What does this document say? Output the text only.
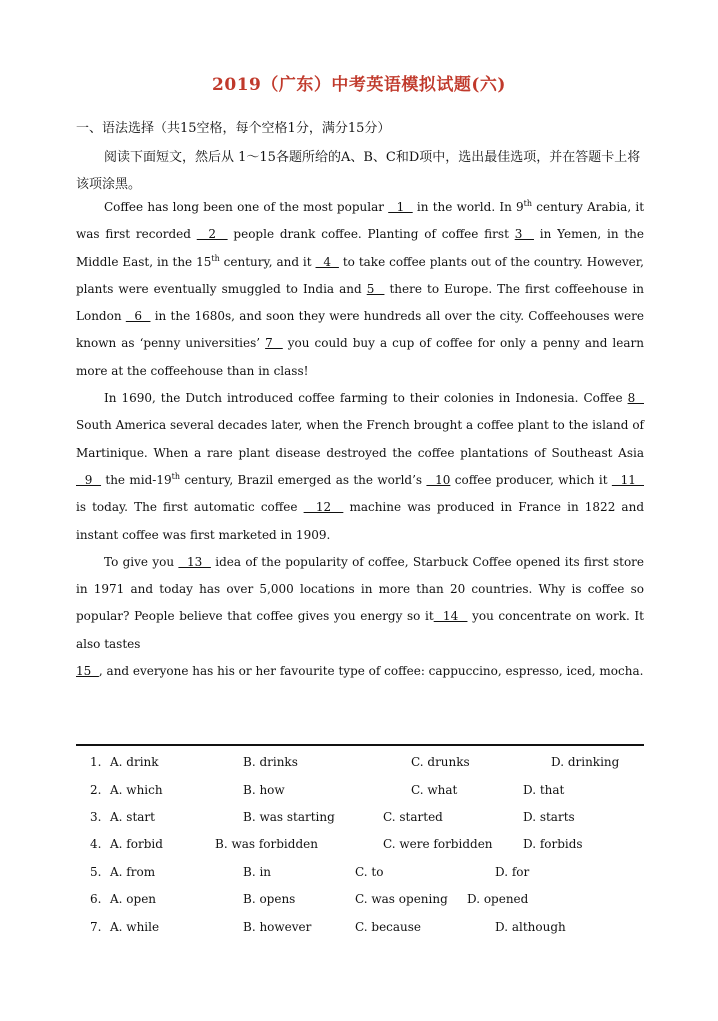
2019（广东）中考英语模拟试题(六)
一、语法选择（共15空格，每个空格1分，满分15分）
阅读下面短文，然后从 1～15各题所给的A、B、C和D项中，选出最佳选项，并在答题卡上将该项涂黑。

Coffee has long been one of the most popular   1   in the world. In 9th century Arabia, it was first recorded   2   people drank coffee. Planting of coffee first 3   in Yemen, in the Middle East, in the 15th century, and it   4   to take coffee plants out of the country. However, plants were eventually smuggled to India and 5   there to Europe. The first coffeehouse in London   6   in the 1680s, and soon they were hundreds all over the city. Coffeehouses were known as ‘penny universities’ 7   you could buy a cup of coffee for only a penny and learn more at the coffeehouse than in class!

In 1690, the Dutch introduced coffee farming to their colonies in Indonesia. Coffee 8   South America several decades later, when the French brought a coffee plant to the island of Martinique. When a rare plant disease destroyed the coffee plantations of Southeast Asia   9   the mid-19th century, Brazil emerged as the world’s   10 coffee producer, which it   11   is today. The first automatic coffee   12   machine was produced in France in 1822 and instant coffee was first marketed in 1909.

To give you   13   idea of the popularity of coffee, Starbuck Coffee opened its first store in 1971 and today has over 5,000 locations in more than 20 countries. Why is coffee so popular? People believe that coffee gives you energy so it  14   you concentrate on work. It also tastes

15  , and everyone has his or her favourite type of coffee: cappuccino, espresso, iced, mocha.

1. A. drink	B. drinks	C. drunks	D. drinking
2. A. which	B. how	C. what	D. that
3. A. start	B. was starting	C. started	D. starts
4. A. forbid	B. was forbidden	C. were forbidden	D. forbids
5. A. from	B. in	C. to	D. for
6. A. open	B. opens	C. was opening D. opened
7. A. while	B. however	C. because	D. although
